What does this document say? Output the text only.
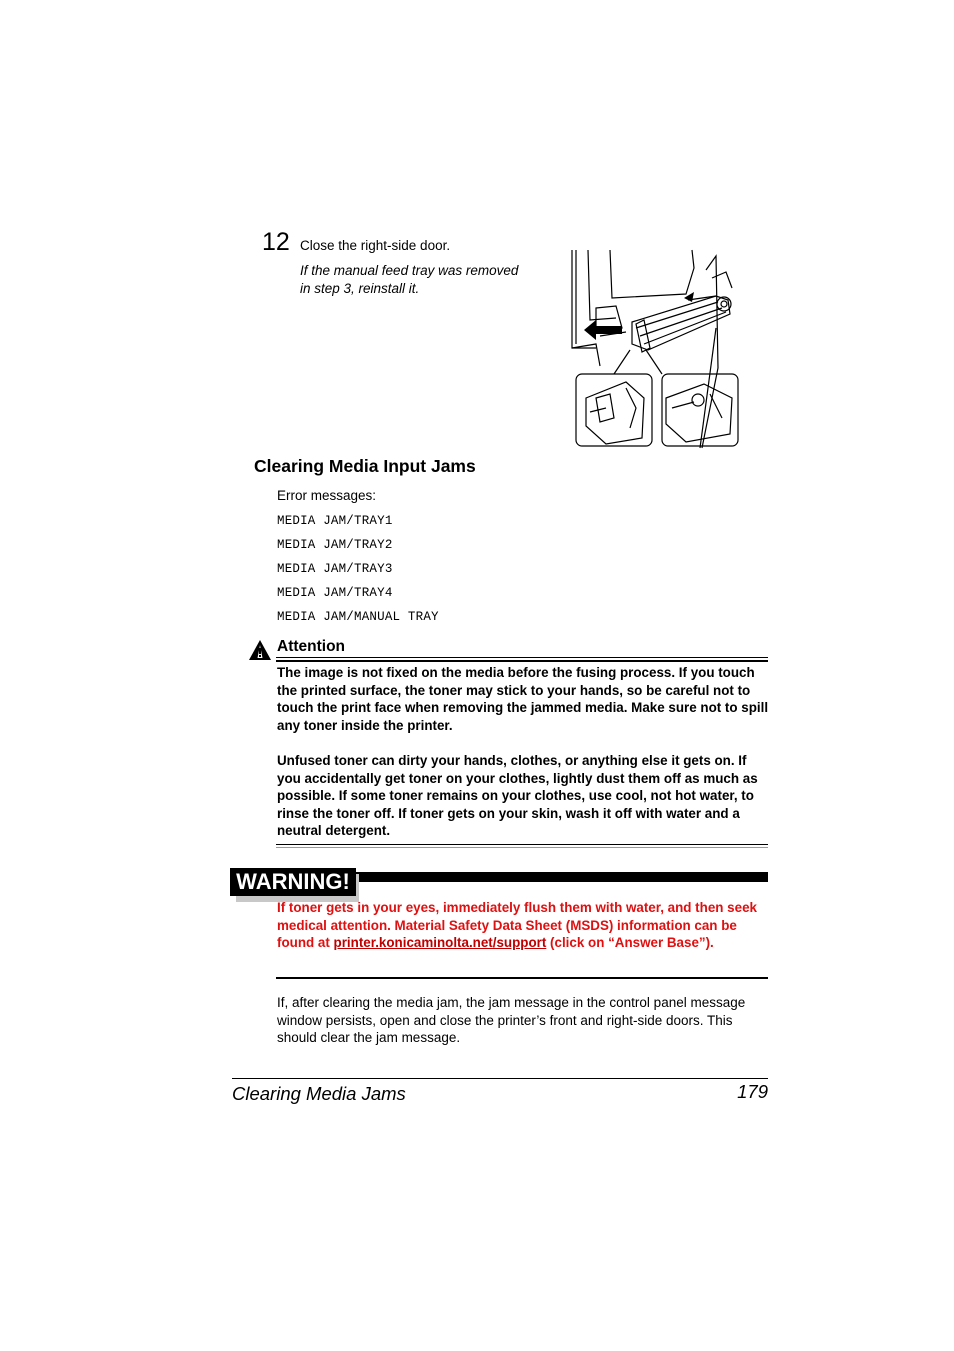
12 Close the right-side door.
If the manual feed tray was removed
in step 3, reinstall it.
Clearing Media Input Jams
Error messages:
MEDIA JAM/TRAY1
MEDIA JAM/TRAY2
MEDIA JAM/TRAY3
MEDIA JAM/TRAY4
MEDIA JAM/MANUAL TRAY
Attention
The image is not fixed on the media before the fusing process. If you touch the printed surface, the toner may stick to your hands, so be careful not to touch the print face when removing the jammed media. Make sure not to spill any toner inside the printer.
Unfused toner can dirty your hands, clothes, or anything else it gets on. If you accidentally get toner on your clothes, lightly dust them off as much as possible. If some toner remains on your clothes, use cool, not hot water, to rinse the toner off. If toner gets on your skin, wash it off with water and a neutral detergent.
WARNING!
If toner gets in your eyes, immediately flush them with water, and then seek medical attention. Material Safety Data Sheet (MSDS) information can be found at printer.konicaminolta.net/support (click on “Answer Base”).
If, after clearing the media jam, the jam message in the control panel message window persists, open and close the printer’s front and right-side doors. This should clear the jam message.
Clearing Media Jams	179
